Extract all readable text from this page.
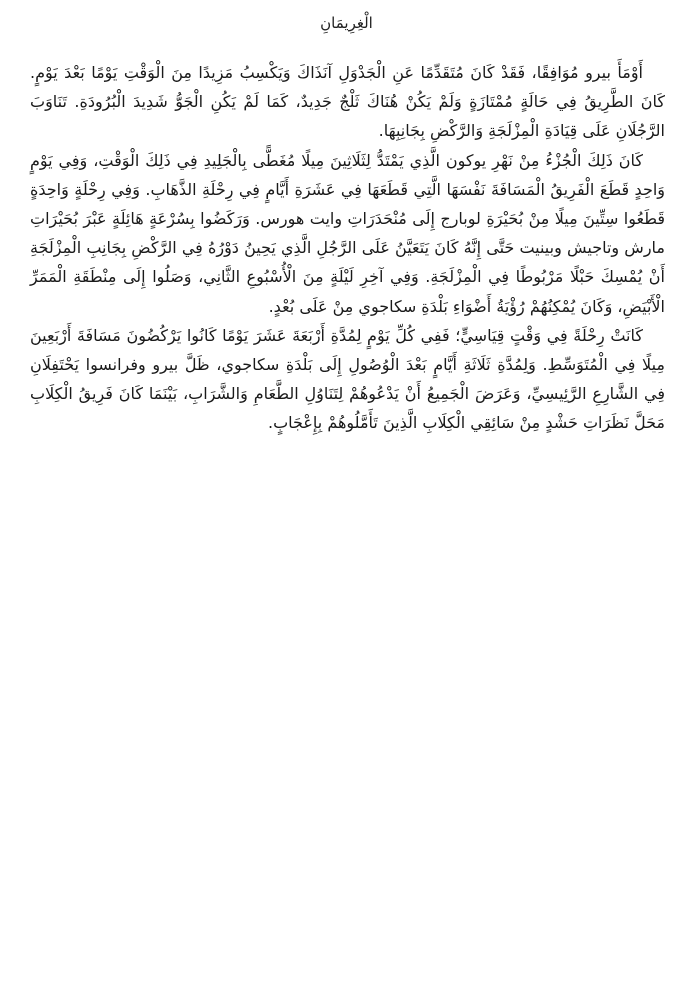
الْغِرِيمَانِ

أَوْمَأَ بيرو مُوَافِقًا، فَقَدْ كَانَ مُتَقَدِّمًا عَنِ الْجَدْوَلِ آنَذَاكَ وَيَكْسِبُ مَزِيدًا مِنَ الْوَقْتِ يَوْمًا بَعْدَ يَوْمٍ. كَانَ الطَّرِيقُ فِي حَالَةٍ مُمْتَازَةٍ وَلَمْ يَكُنْ هُنَاكَ ثَلْجٌ جَدِيدٌ، كَمَا لَمْ يَكُنِ الْجَوُّ شَدِيدَ الْبُرُودَةِ. تَنَاوَبَ الرَّجُلَانِ عَلَى قِيَادَةِ الْمِزْلَجَةِ وَالرَّكْضِ بِجَانِبِهَا.

كَانَ ذَلِكَ الْجُزْءُ مِنْ نَهْرِ يوكون الَّذِي يَمْتَدُّ لِثَلَاثِينَ مِيلًا مُغَطًّى بِالْجَلِيدِ فِي ذَلِكَ الْوَقْتِ، وَفِي يَوْمٍ وَاحِدٍ قَطَعَ الْفَرِيقُ الْمَسَافَةَ نَفْسَهَا الَّتِي قَطَعَهَا فِي عَشَرَةِ أَيَّامٍ فِي رِحْلَةِ الذَّهَابِ. وَفِي رِحْلَةٍ وَاحِدَةٍ قَطَعُوا سِتِّينَ مِيلًا مِنْ بُحَيْرَةِ لوبارج إِلَى مُنْحَدَرَاتِ وايت هورس. وَرَكَضُوا بِسُرْعَةٍ هَائِلَةٍ عَبْرَ بُحَيْرَاتِ مارش وتاجيش وبينيت حَتَّى إِنَّهُ كَانَ يَتَعَيَّنُ عَلَى الرَّجُلِ الَّذِي يَحِينُ دَوْرُهُ فِي الرَّكْضِ بِجَانِبِ الْمِزْلَجَةِ أَنْ يُمْسِكَ حَبْلًا مَرْبُوطًا فِي الْمِزْلَجَةِ. وَفِي آخِرِ لَيْلَةٍ مِنَ الْأُسْبُوعِ الثَّانِي، وَصَلُوا إِلَى مِنْطَقَةِ الْمَمَرِّ الْأَبْيَضِ، وَكَانَ يُمْكِنُهُمْ رُؤْيَةُ أَضْوَاءِ بَلْدَةِ سكاجوي مِنْ عَلَى بُعْدٍ.

كَانَتْ رِحْلَةً فِي وَقْتٍ قِيَاسِيٍّ؛ فَفِي كُلِّ يَوْمٍ لِمُدَّةِ أَرْبَعَةَ عَشَرَ يَوْمًا كَانُوا يَرْكُضُونَ مَسَافَةَ أَرْبَعِينَ مِيلًا فِي الْمُتَوَسِّطِ. وَلِمُدَّةِ ثَلَاثَةِ أَيَّامٍ بَعْدَ الْوُصُولِ إِلَى بَلْدَةِ سكاجوي، ظَلَّ بيرو وفرانسوا يَحْتَفِلَانِ فِي الشَّارِعِ الرَّئِيسِيِّ، وَعَرَضَ الْجَمِيعُ أَنْ يَدْعُوهُمْ لِتَنَاوُلِ الطَّعَامِ وَالشَّرَابِ، بَيْنَمَا كَانَ فَرِيقُ الْكِلَابِ مَحَلَّ نَظَرَاتِ حَشْدٍ مِنْ سَائِقِي الْكِلَابِ الَّذِينَ تَأَمَّلُوهُمْ بِإِعْجَابٍ.
